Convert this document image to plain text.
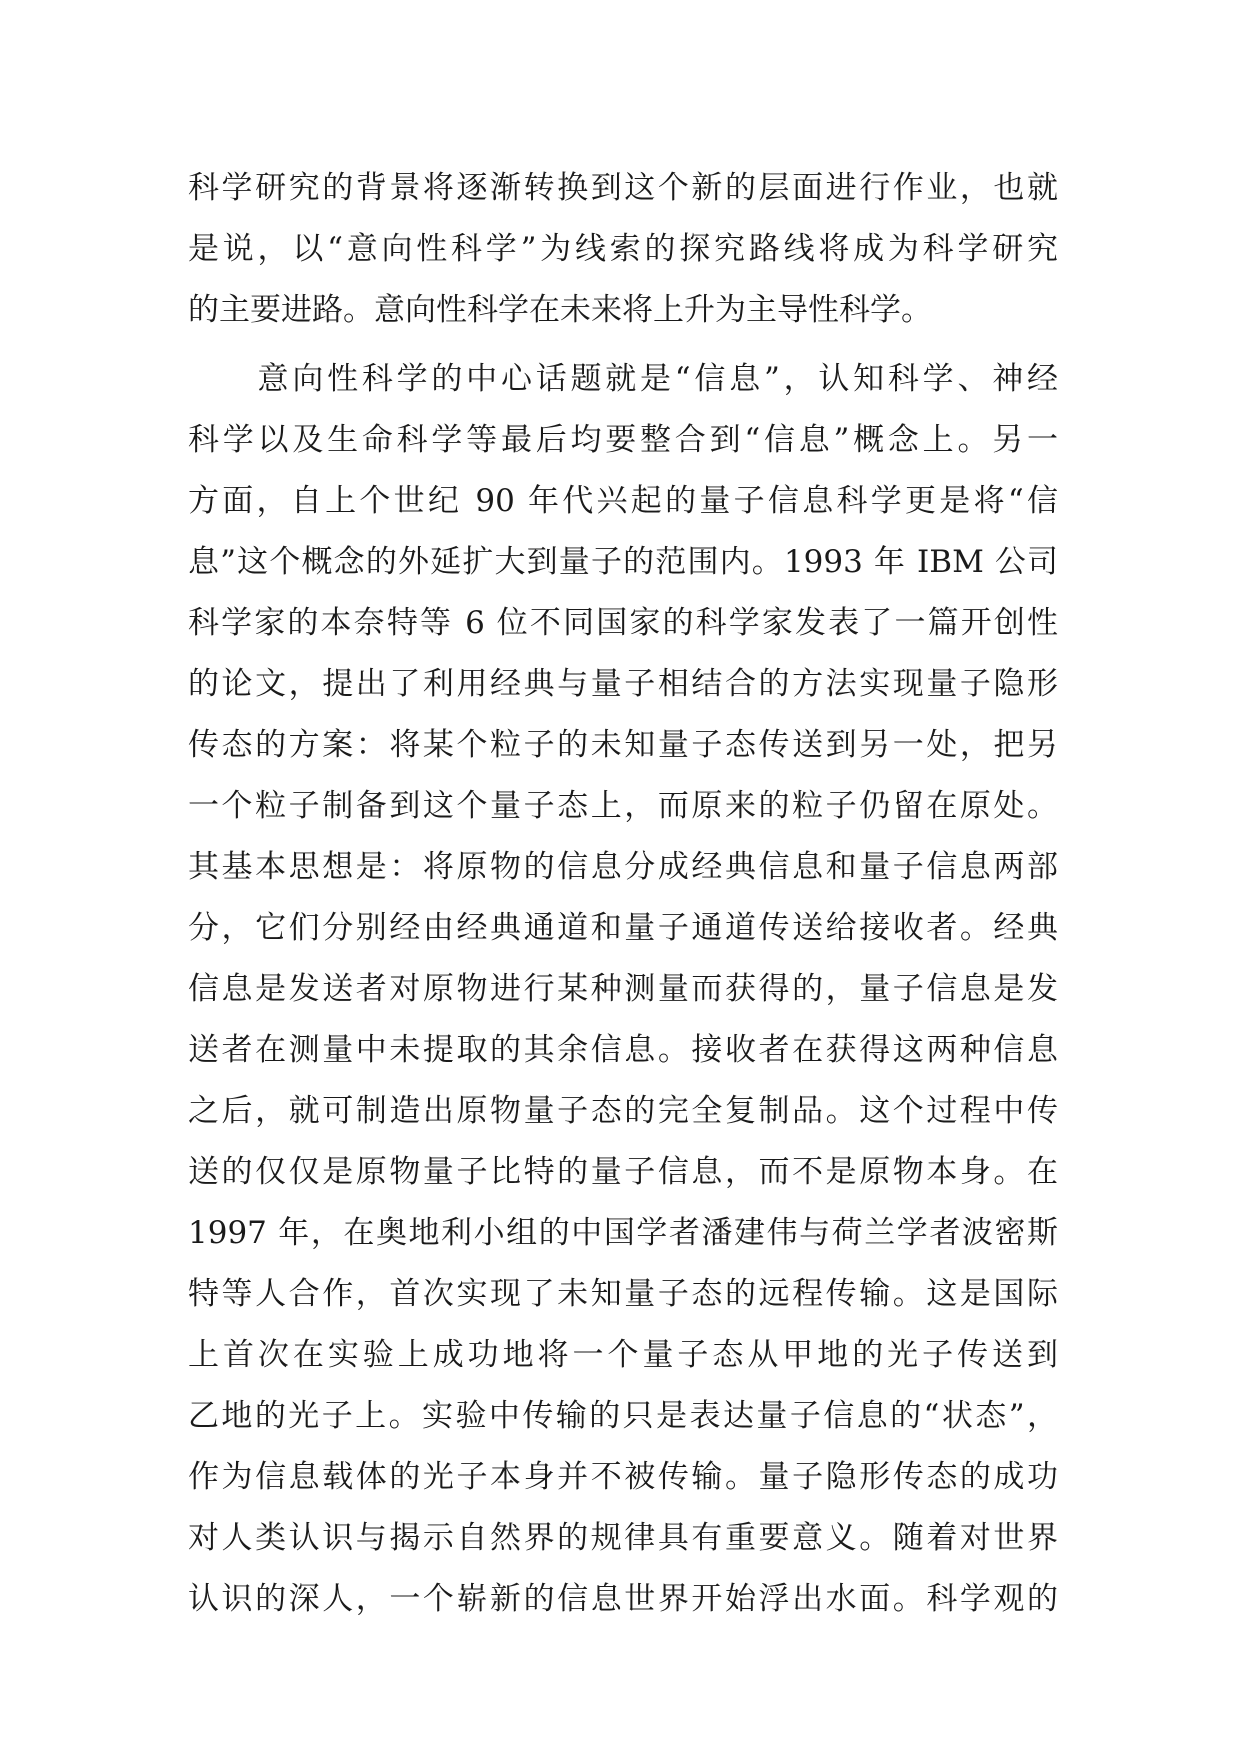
科学研究的背景将逐渐转换到这个新的层面进行作业，也就
是说，以“意向性科学”为线索的探究路线将成为科学研究
的主要进路。意向性科学在未来将上升为主导性科学。
　　意向性科学的中心话题就是“信息”，认知科学、神经
科学以及生命科学等最后均要整合到“信息”概念上。另一
方面，自上个世纪 90 年代兴起的量子信息科学更是将“信
息”这个概念的外延扩大到量子的范围内。1993 年 IBM 公司
科学家的本奈特等 6 位不同国家的科学家发表了一篇开创性
的论文，提出了利用经典与量子相结合的方法实现量子隐形
传态的方案：将某个粒子的未知量子态传送到另一处，把另
一个粒子制备到这个量子态上，而原来的粒子仍留在原处。
其基本思想是：将原物的信息分成经典信息和量子信息两部
分，它们分别经由经典通道和量子通道传送给接收者。经典
信息是发送者对原物进行某种测量而获得的，量子信息是发
送者在测量中未提取的其余信息。接收者在获得这两种信息
之后，就可制造出原物量子态的完全复制品。这个过程中传
送的仅仅是原物量子比特的量子信息，而不是原物本身。在
1997 年，在奥地利小组的中国学者潘建伟与荷兰学者波密斯
特等人合作，首次实现了未知量子态的远程传输。这是国际
上首次在实验上成功地将一个量子态从甲地的光子传送到
乙地的光子上。实验中传输的只是表达量子信息的“状态”，
作为信息载体的光子本身并不被传输。量子隐形传态的成功
对人类认识与揭示自然界的规律具有重要意义。随着对世界
认识的深人，一个崭新的信息世界开始浮出水面。科学观的
